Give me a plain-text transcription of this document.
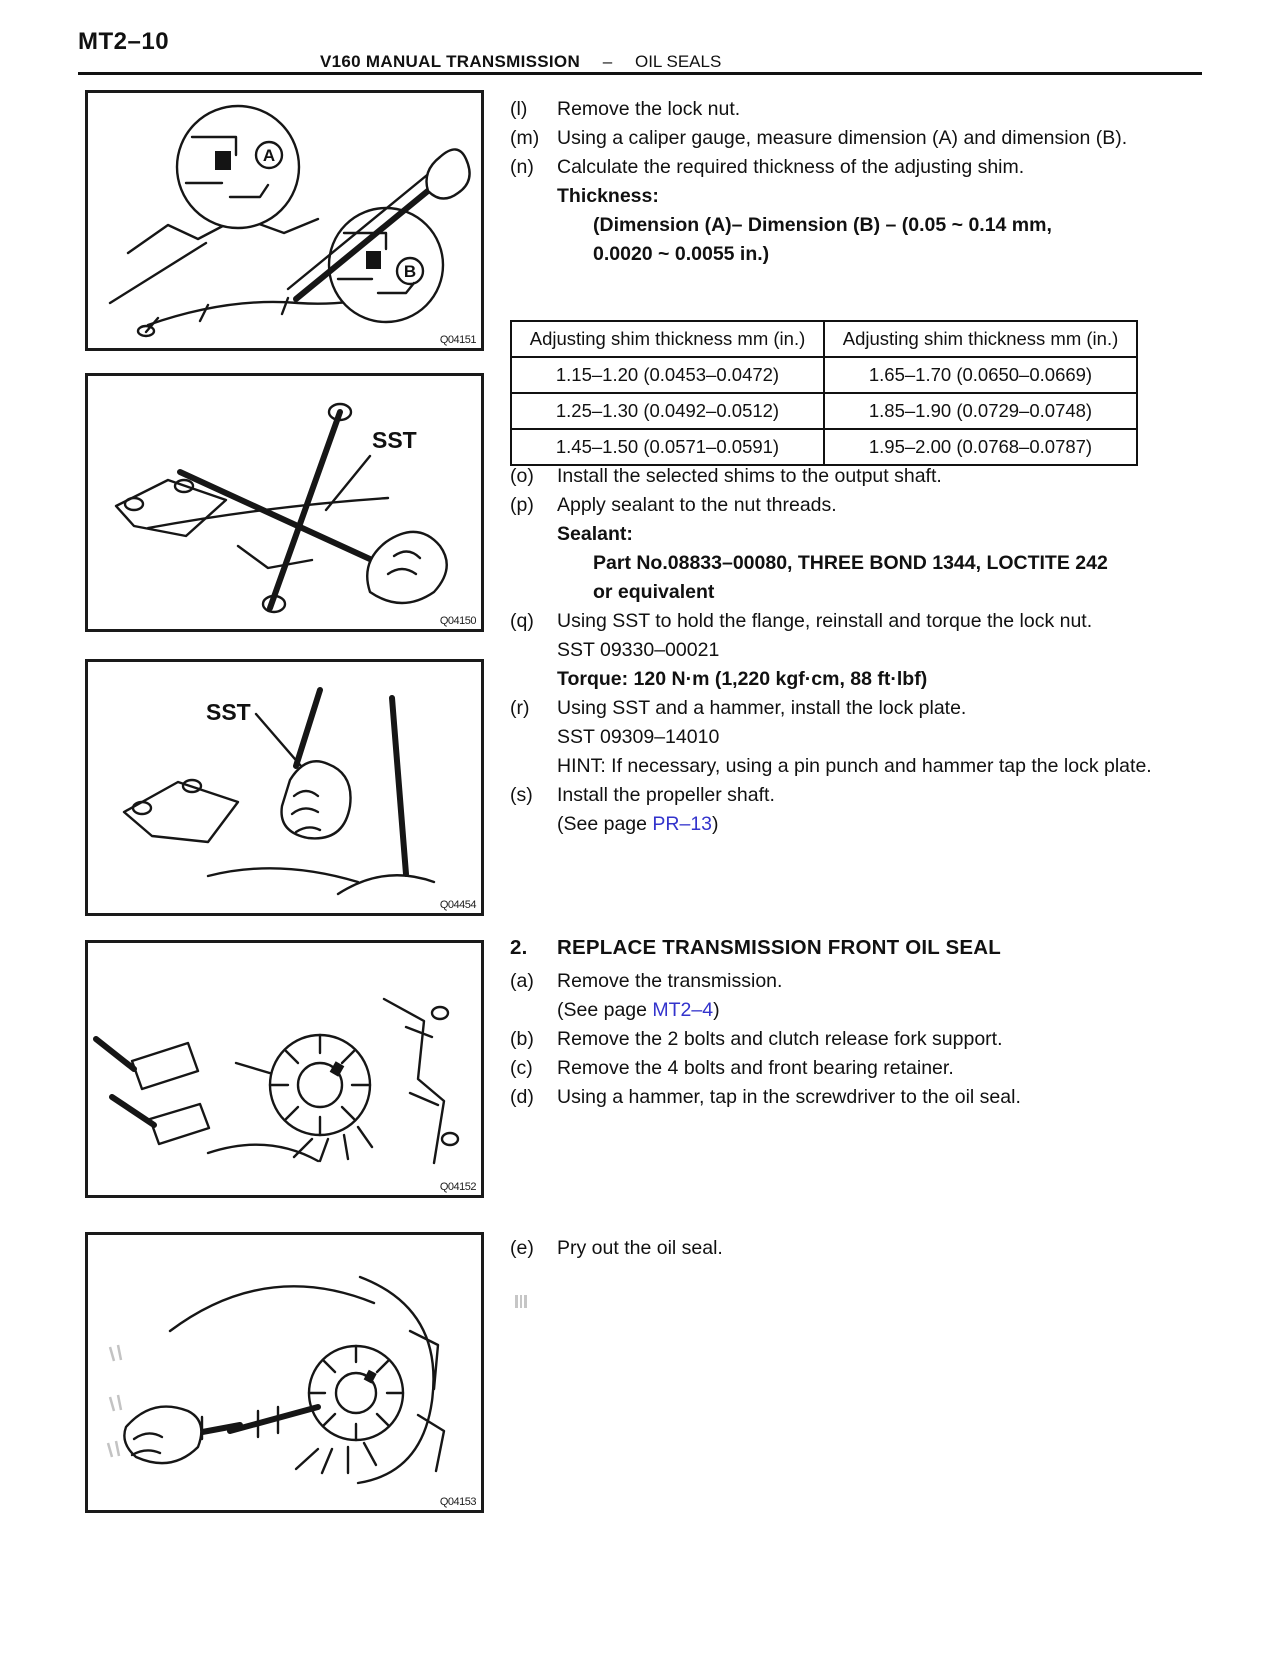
MT2–10
V160 MANUAL TRANSMISSION – OIL SEALS
A
B
Q04151
SST
Q04150
SST
Q04454
Q04152
Q04153
(l)	Remove the lock nut.
(m) Using a caliper gauge, measure dimension (A) and dimension (B).
(n)	Calculate the required thickness of the adjusting shim.
Thickness:
(Dimension (A)– Dimension (B) – (0.05 ~ 0.14 mm,
0.0020 ~ 0.0055 in.)
Adjusting shim thickness mm (in.)	Adjusting shim thickness mm (in.)
1.15–1.20 (0.0453–0.0472)	1.65–1.70 (0.0650–0.0669)
1.25–1.30 (0.0492–0.0512)	1.85–1.90 (0.0729–0.0748)
1.45–1.50 (0.0571–0.0591)	1.95–2.00 (0.0768–0.0787)
(o)	Install the selected shims to the output shaft.
(p)	Apply sealant to the nut threads.
Sealant:
Part No.08833–00080, THREE BOND 1344, LOCTITE 242
or equivalent
(q)	Using SST to hold the flange, reinstall and torque the lock nut.
SST 09330–00021
Torque: 120 N·m (1,220 kgf·cm, 88 ft·lbf)
(r)	Using SST and a hammer, install the lock plate.
SST 09309–14010
HINT: If necessary, using a pin punch and hammer tap the lock plate.
(s)	Install the propeller shaft.
(See page PR–13)
2.	REPLACE TRANSMISSION FRONT OIL SEAL
(a)	Remove the transmission.
(See page MT2–4)
(b)	Remove the 2 bolts and clutch release fork support.
(c)	Remove the 4 bolts and front bearing retainer.
(d)	Using a hammer, tap in the screwdriver to the oil seal.
(e)	Pry out the oil seal.
